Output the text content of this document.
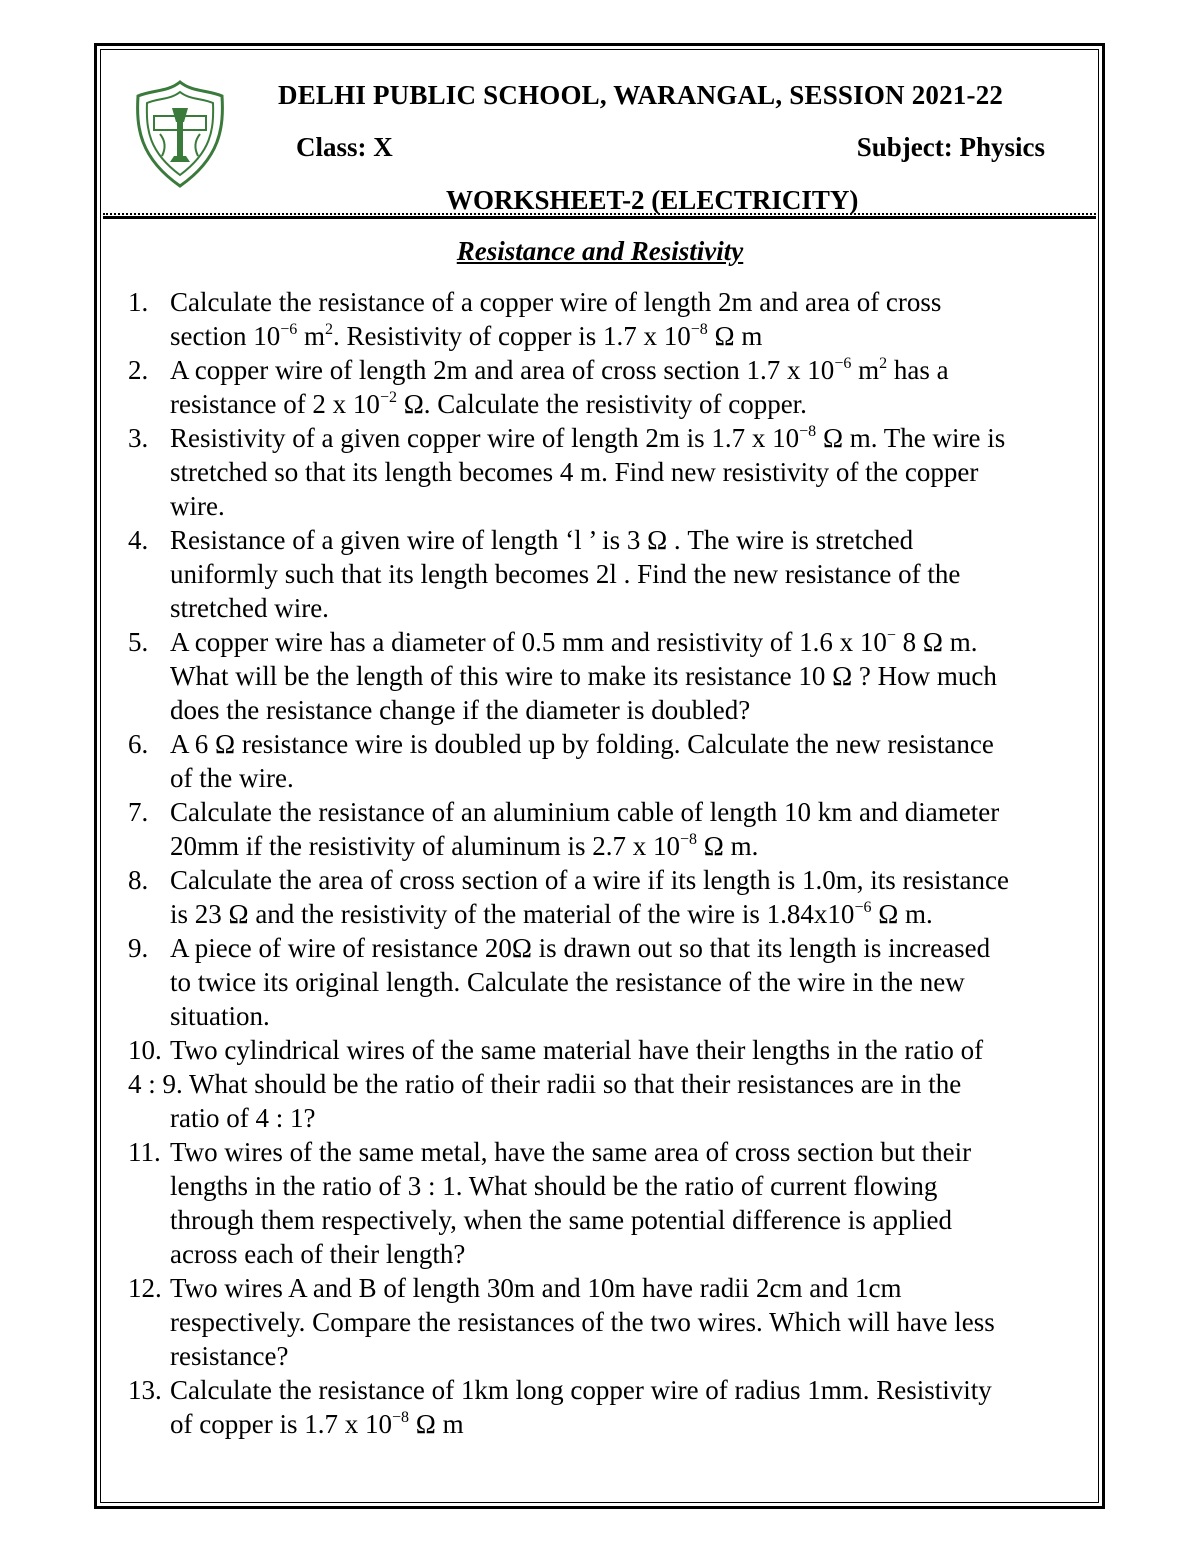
DELHI PUBLIC SCHOOL, WARANGAL, SESSION 2021-22
Class: X	Subject: Physics
WORKSHEET-2 (ELECTRICITY)
Resistance and Resistivity
1. Calculate the resistance of a copper wire of length 2m and area of cross
section $10^{-6}$ $m^2$. Resistivity of copper is 1.7 x $10^{-8}$ Ω m
2. A copper wire of length 2m and area of cross section 1.7 x $10^{-6}$ $m^2$ has a
resistance of 2 x $10^{-2}$ Ω. Calculate the resistivity of copper.
3. Resistivity of a given copper wire of length 2m is 1.7 x $10^{-8}$ Ω m. The wire is
stretched so that its length becomes 4 m. Find new resistivity of the copper
wire.
4. Resistance of a given wire of length ‘l ’ is 3 Ω . The wire is stretched
uniformly such that its length becomes 2l . Find the new resistance of the
stretched wire.
5. A copper wire has a diameter of 0.5 mm and resistivity of 1.6 x 10− 8 Ω m.
What will be the length of this wire to make its resistance 10 Ω ? How much
does the resistance change if the diameter is doubled?
6. A 6 Ω resistance wire is doubled up by folding. Calculate the new resistance
of the wire.
7. Calculate the resistance of an aluminium cable of length 10 km and diameter
20mm if the resistivity of aluminum is 2.7 x $10^{-8}$ Ω m.
8. Calculate the area of cross section of a wire if its length is 1.0m, its resistance
is 23 Ω and the resistivity of the material of the wire is $1.84x10^{-6}$ Ω m.
9. A piece of wire of resistance 20Ω is drawn out so that its length is increased
to twice its original length. Calculate the resistance of the wire in the new
situation.
10. Two cylindrical wires of the same material have their lengths in the ratio of
4 : 9. What should be the ratio of their radii so that their resistances are in the
ratio of 4 : 1?
11. Two wires of the same metal, have the same area of cross section but their
lengths in the ratio of 3 : 1. What should be the ratio of current flowing
through them respectively, when the same potential difference is applied
across each of their length?
12. Two wires A and B of length 30m and 10m have radii 2cm and 1cm
respectively. Compare the resistances of the two wires. Which will have less
resistance?
13. Calculate the resistance of 1km long copper wire of radius 1mm. Resistivity
of copper is 1.7 x $10^{-8}$ Ω m
